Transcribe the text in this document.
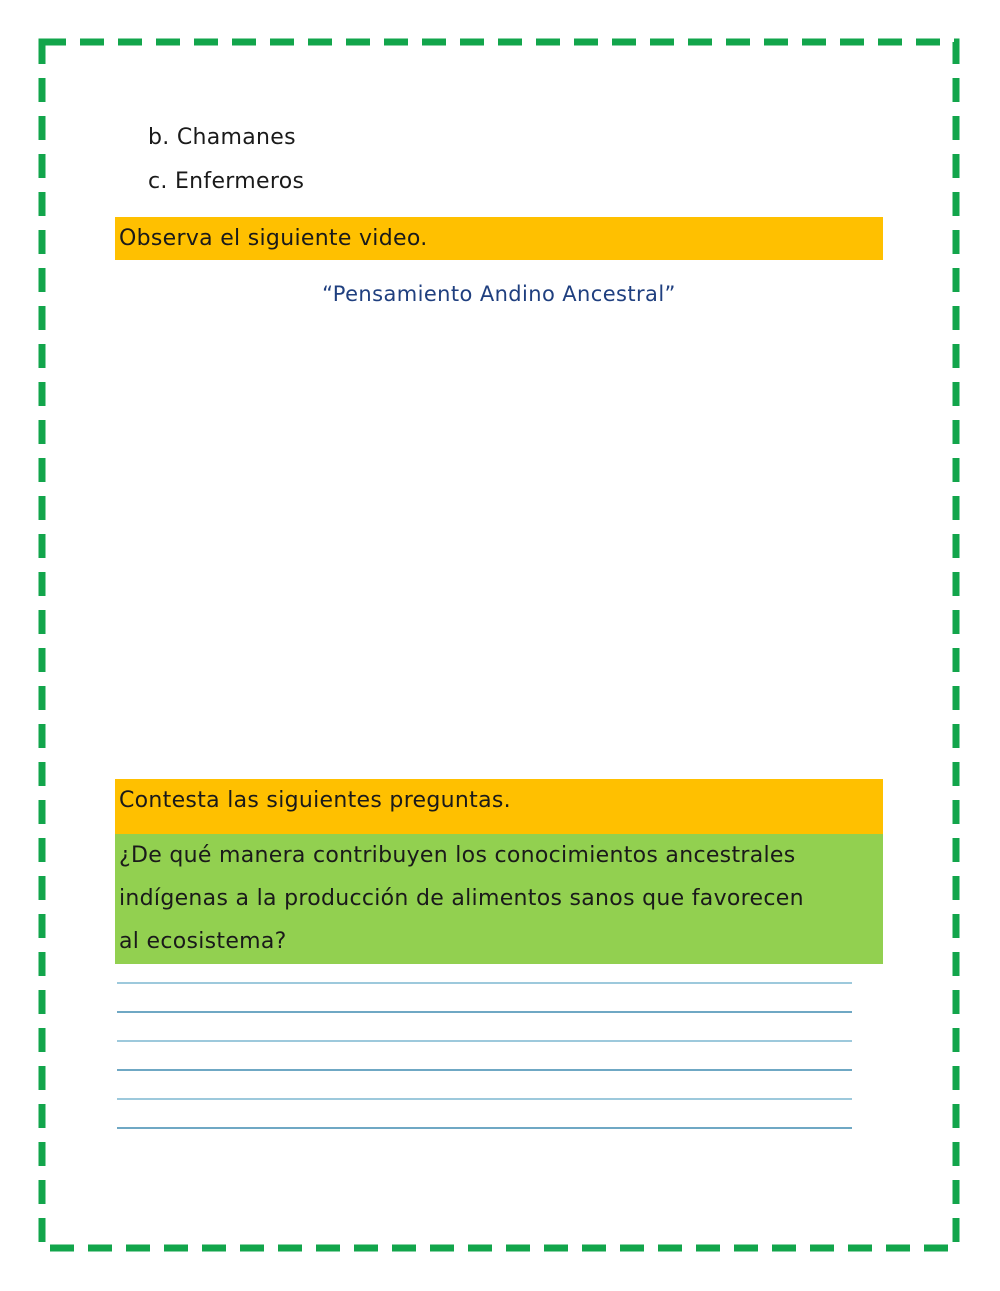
b. Chamanes
c. Enfermeros
Observa el siguiente video.
“Pensamiento Andino Ancestral”
Contesta las siguientes preguntas.
¿De qué manera contribuyen los conocimientos ancestrales
indígenas a la producción de alimentos sanos que favorecen
al ecosistema?
